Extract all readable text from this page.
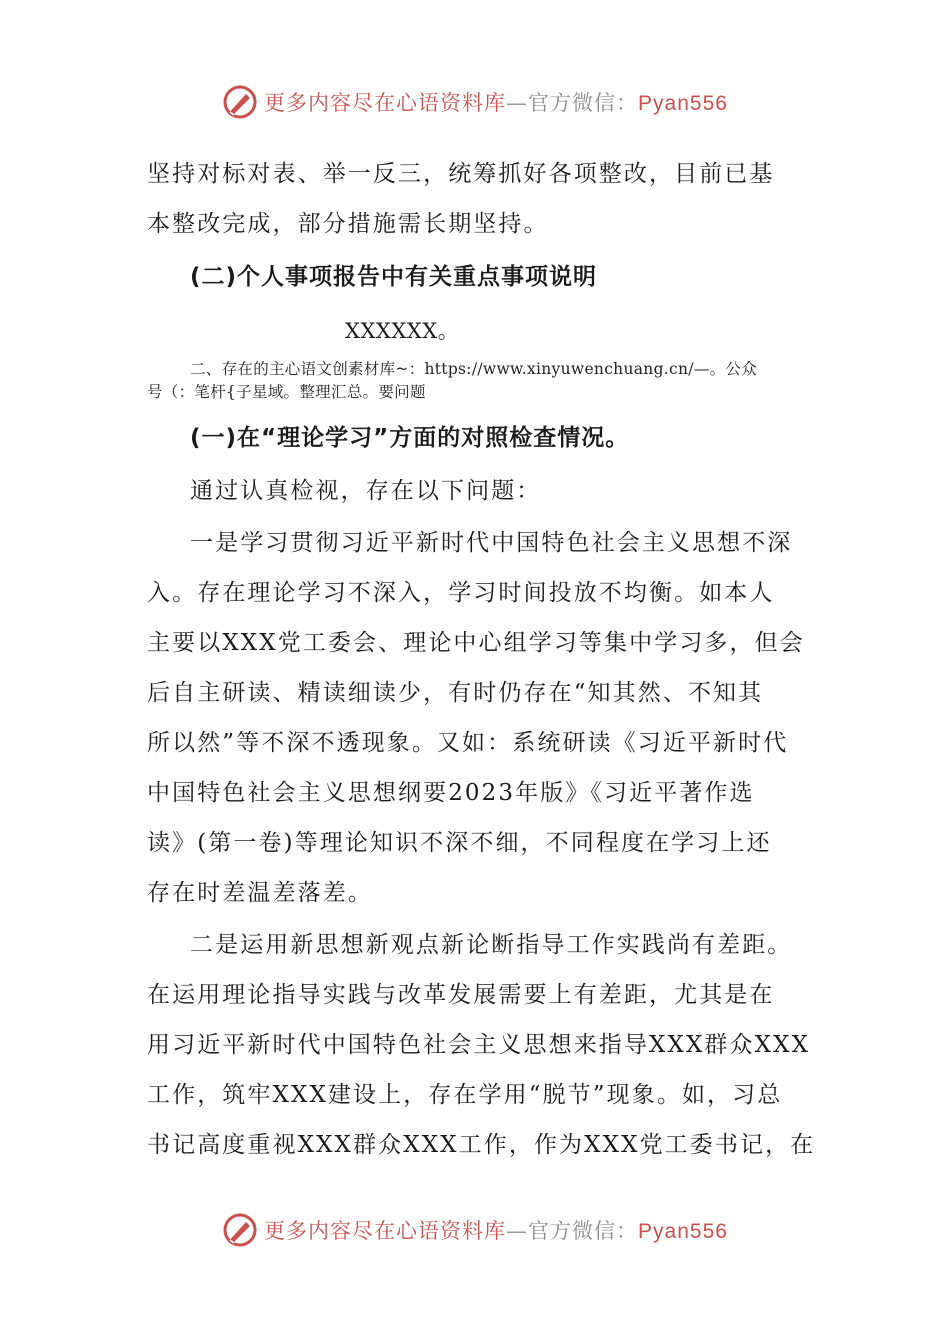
更多内容尽在心语资料库—官方微信：Pyan556
坚持对标对表、举一反三，统筹抓好各项整改，目前已基
本整改完成，部分措施需长期坚持。
(二)个人事项报告中有关重点事项说明
XXXXXX。
二、存在的主心语文创素材库~：https://www.xinyuwenchuang.cn/—。公众
号（：笔杆{子星域。整理汇总。要问题
(一)在“理论学习”方面的对照检查情况。
通过认真检视，存在以下问题：
一是学习贯彻习近平新时代中国特色社会主义思想不深
入。存在理论学习不深入，学习时间投放不均衡。如本人
主要以XXX党工委会、理论中心组学习等集中学习多，但会
后自主研读、精读细读少，有时仍存在“知其然、不知其
所以然”等不深不透现象。又如：系统研读《习近平新时代
中国特色社会主义思想纲要2023年版》《习近平著作选
读》(第一卷)等理论知识不深不细，不同程度在学习上还
存在时差温差落差。
二是运用新思想新观点新论断指导工作实践尚有差距。
在运用理论指导实践与改革发展需要上有差距，尤其是在
用习近平新时代中国特色社会主义思想来指导XXX群众XXX
工作，筑牢XXX建设上，存在学用“脱节”现象。如，习总
书记高度重视XXX群众XXX工作，作为XXX党工委书记，在
更多内容尽在心语资料库—官方微信：Pyan556
